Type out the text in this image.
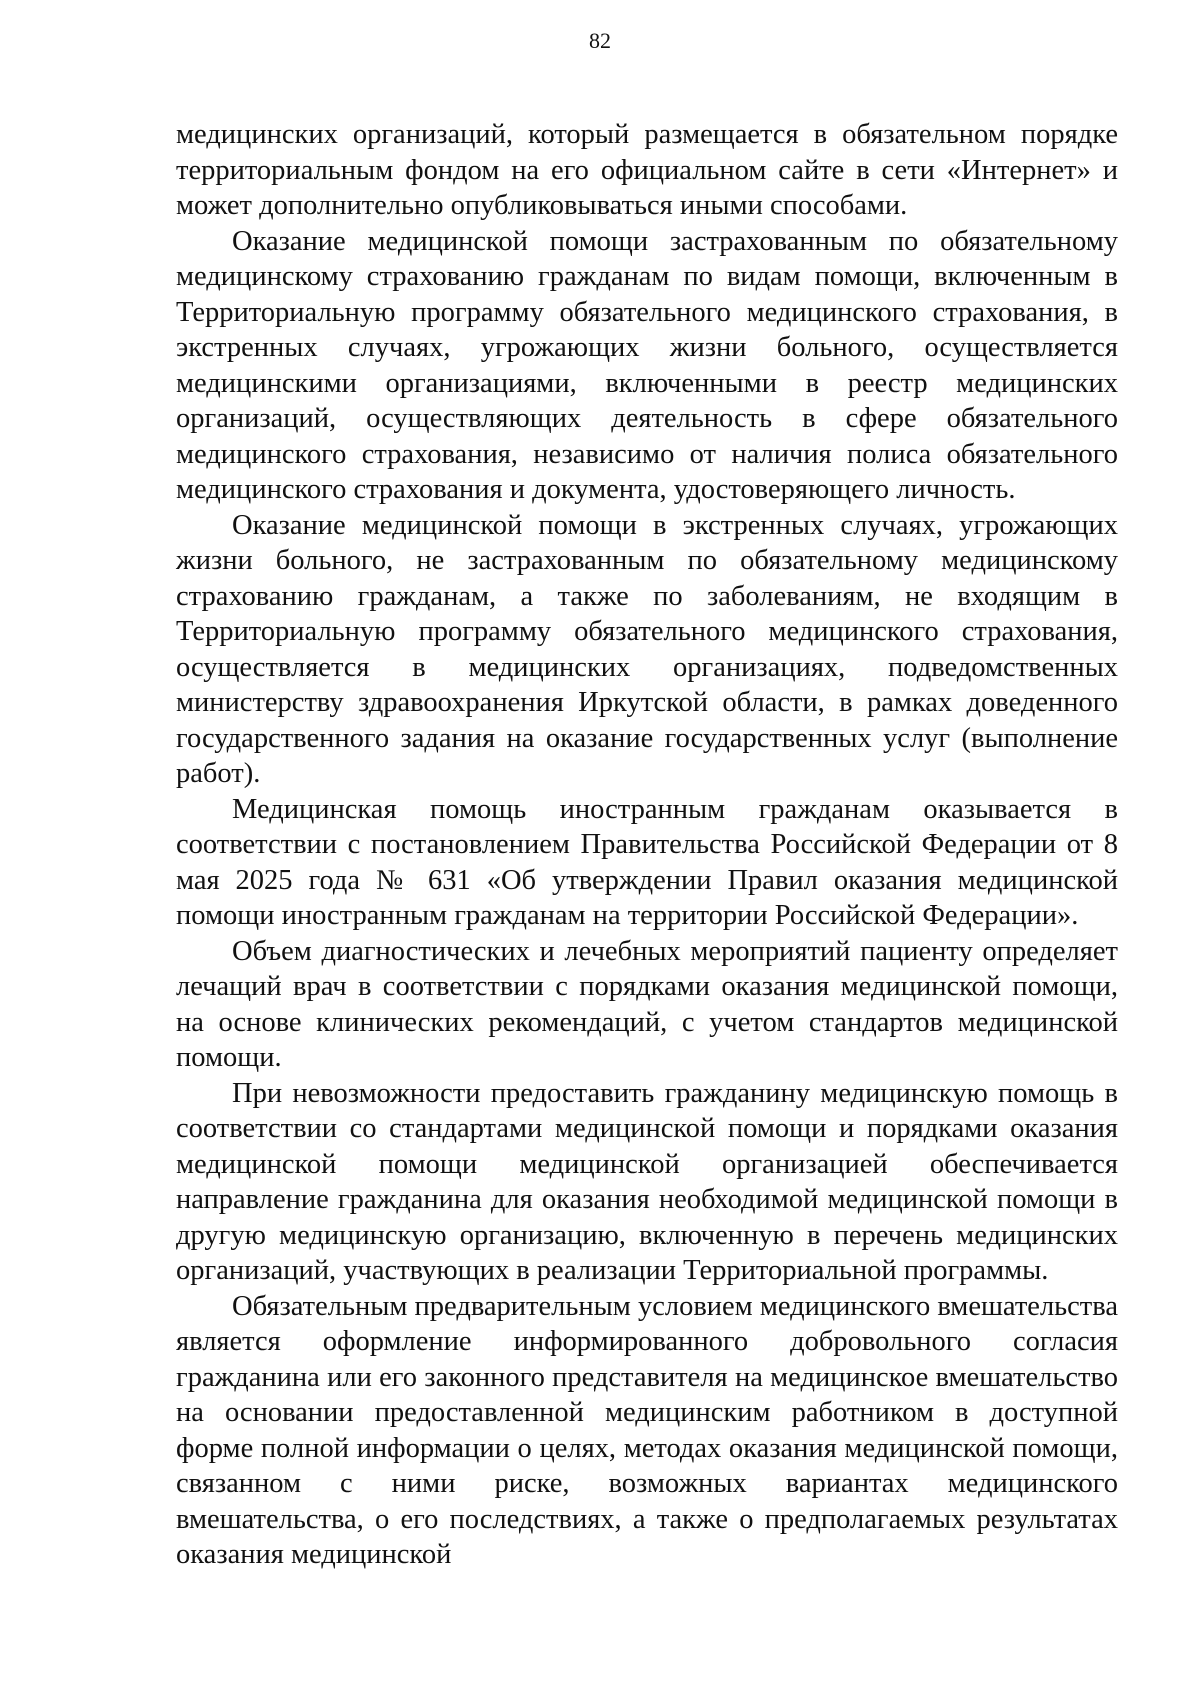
82

медицинских организаций, который размещается в обязательном порядке территориальным фондом на его официальном сайте в сети «Интернет» и может дополнительно опубликовываться иными способами.

Оказание медицинской помощи застрахованным по обязательному медицинскому страхованию гражданам по видам помощи, включенным в Территориальную программу обязательного медицинского страхования, в экстренных случаях, угрожающих жизни больного, осуществляется медицинскими организациями, включенными в реестр медицинских организаций, осуществляющих деятельность в сфере обязательного медицинского страхования, независимо от наличия полиса обязательного медицинского страхования и документа, удостоверяющего личность.

Оказание медицинской помощи в экстренных случаях, угрожающих жизни больного, не застрахованным по обязательному медицинскому страхованию гражданам, а также по заболеваниям, не входящим в Территориальную программу обязательного медицинского страхования, осуществляется в медицинских организациях, подведомственных министерству здравоохранения Иркутской области, в рамках доведенного государственного задания на оказание государственных услуг (выполнение работ).

Медицинская помощь иностранным гражданам оказывается в соответствии с постановлением Правительства Российской Федерации от 8 мая 2025 года № 631 «Об утверждении Правил оказания медицинской помощи иностранным гражданам на территории Российской Федерации».

Объем диагностических и лечебных мероприятий пациенту определяет лечащий врач в соответствии с порядками оказания медицинской помощи, на основе клинических рекомендаций, с учетом стандартов медицинской помощи.

При невозможности предоставить гражданину медицинскую помощь в соответствии со стандартами медицинской помощи и порядками оказания медицинской помощи медицинской организацией обеспечивается направление гражданина для оказания необходимой медицинской помощи в другую медицинскую организацию, включенную в перечень медицинских организаций, участвующих в реализации Территориальной программы.

Обязательным предварительным условием медицинского вмешательства является оформление информированного добровольного согласия гражданина или его законного представителя на медицинское вмешательство на основании предоставленной медицинским работником в доступной форме полной информации о целях, методах оказания медицинской помощи, связанном с ними риске, возможных вариантах медицинского вмешательства, о его последствиях, а также о предполагаемых результатах оказания медицинской
